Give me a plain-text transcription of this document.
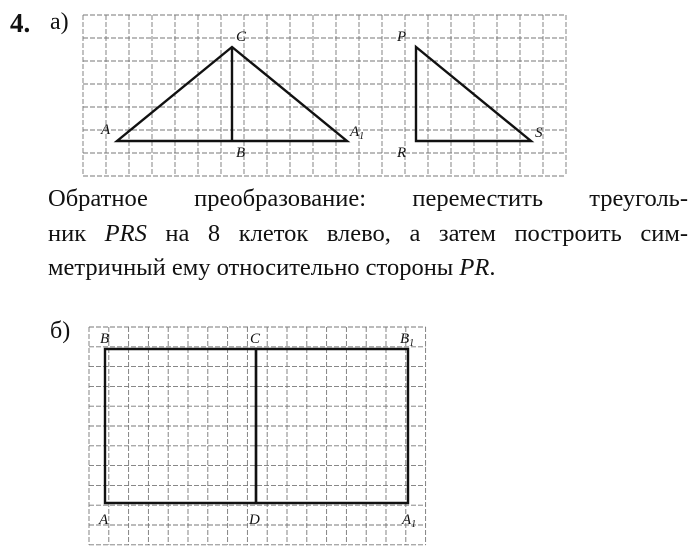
4. а)
A
C
$A_1$
B
P
R
S
Обратное преобразование: переместить треуголь-
ник PRS на 8 клеток влево, а затем построить сим-
метричный ему относительно стороны PR.
б) B	C	$B_1$
A	D	$A_1$
